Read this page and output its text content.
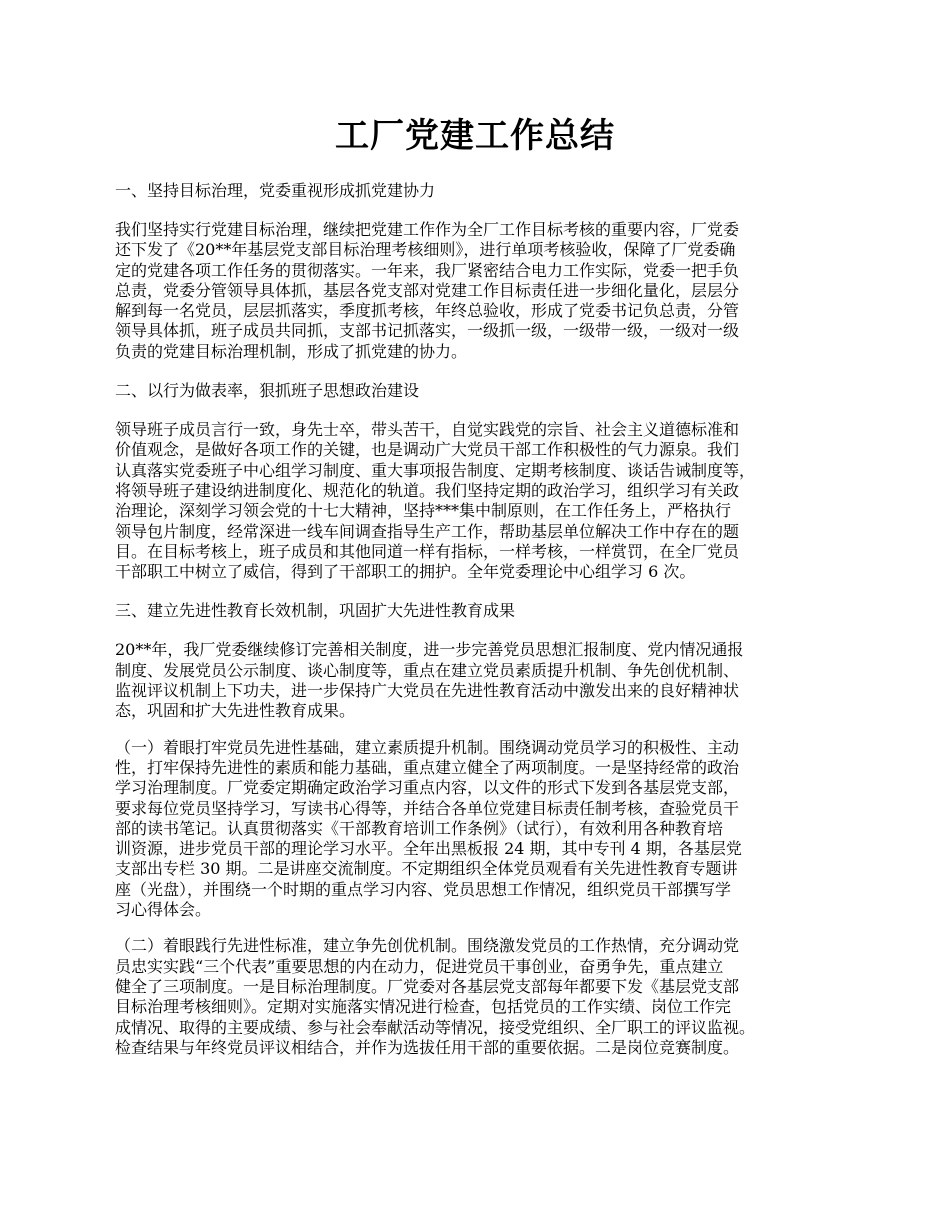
工厂党建工作总结
一、坚持目标治理，党委重视形成抓党建协力

我们坚持实行党建目标治理，继续把党建工作作为全厂工作目标考核的重要内容，厂党委
还下发了《20**年基层党支部目标治理考核细则》，进行单项考核验收，保障了厂党委确
定的党建各项工作任务的贯彻落实。一年来，我厂紧密结合电力工作实际，党委一把手负
总责，党委分管领导具体抓，基层各党支部对党建工作目标责任进一步细化量化，层层分
解到每一名党员，层层抓落实，季度抓考核，年终总验收，形成了党委书记负总责，分管
领导具体抓，班子成员共同抓，支部书记抓落实，一级抓一级，一级带一级，一级对一级
负责的党建目标治理机制，形成了抓党建的协力。

二、以行为做表率，狠抓班子思想政治建设

领导班子成员言行一致，身先士卒，带头苦干，自觉实践党的宗旨、社会主义道德标准和
价值观念，是做好各项工作的关键，也是调动广大党员干部工作积极性的气力源泉。我们
认真落实党委班子中心组学习制度、重大事项报告制度、定期考核制度、谈话告诫制度等，
将领导班子建设纳进制度化、规范化的轨道。我们坚持定期的政治学习，组织学习有关政
治理论，深刻学习领会党的十七大精神，坚持***集中制原则，在工作任务上，严格执行
领导包片制度，经常深进一线车间调查指导生产工作，帮助基层单位解决工作中存在的题
目。在目标考核上，班子成员和其他同道一样有指标，一样考核，一样赏罚，在全厂党员
干部职工中树立了威信，得到了干部职工的拥护。全年党委理论中心组学习 6 次。

三、建立先进性教育长效机制，巩固扩大先进性教育成果

20**年，我厂党委继续修订完善相关制度，进一步完善党员思想汇报制度、党内情况通报
制度、发展党员公示制度、谈心制度等，重点在建立党员素质提升机制、争先创优机制、
监视评议机制上下功夫，进一步保持广大党员在先进性教育活动中激发出来的良好精神状
态，巩固和扩大先进性教育成果。

（一）着眼打牢党员先进性基础，建立素质提升机制。围绕调动党员学习的积极性、主动
性，打牢保持先进性的素质和能力基础，重点建立健全了两项制度。一是坚持经常的政治
学习治理制度。厂党委定期确定政治学习重点内容，以文件的形式下发到各基层党支部，
要求每位党员坚持学习，写读书心得等，并结合各单位党建目标责任制考核，查验党员干
部的读书笔记。认真贯彻落实《干部教育培训工作条例》（试行），有效利用各种教育培
训资源，进步党员干部的理论学习水平。全年出黑板报 24 期，其中专刊 4 期，各基层党
支部出专栏 30 期。二是讲座交流制度。不定期组织全体党员观看有关先进性教育专题讲
座（光盘），并围绕一个时期的重点学习内容、党员思想工作情况，组织党员干部撰写学
习心得体会。

（二）着眼践行先进性标准，建立争先创优机制。围绕激发党员的工作热情，充分调动党
员忠实实践“三个代表”重要思想的内在动力，促进党员干事创业，奋勇争先，重点建立
健全了三项制度。一是目标治理制度。厂党委对各基层党支部每年都要下发《基层党支部
目标治理考核细则》。定期对实施落实情况进行检查，包括党员的工作实绩、岗位工作完
成情况、取得的主要成绩、参与社会奉献活动等情况，接受党组织、全厂职工的评议监视。
检查结果与年终党员评议相结合，并作为选拔任用干部的重要依据。二是岗位竞赛制度。
